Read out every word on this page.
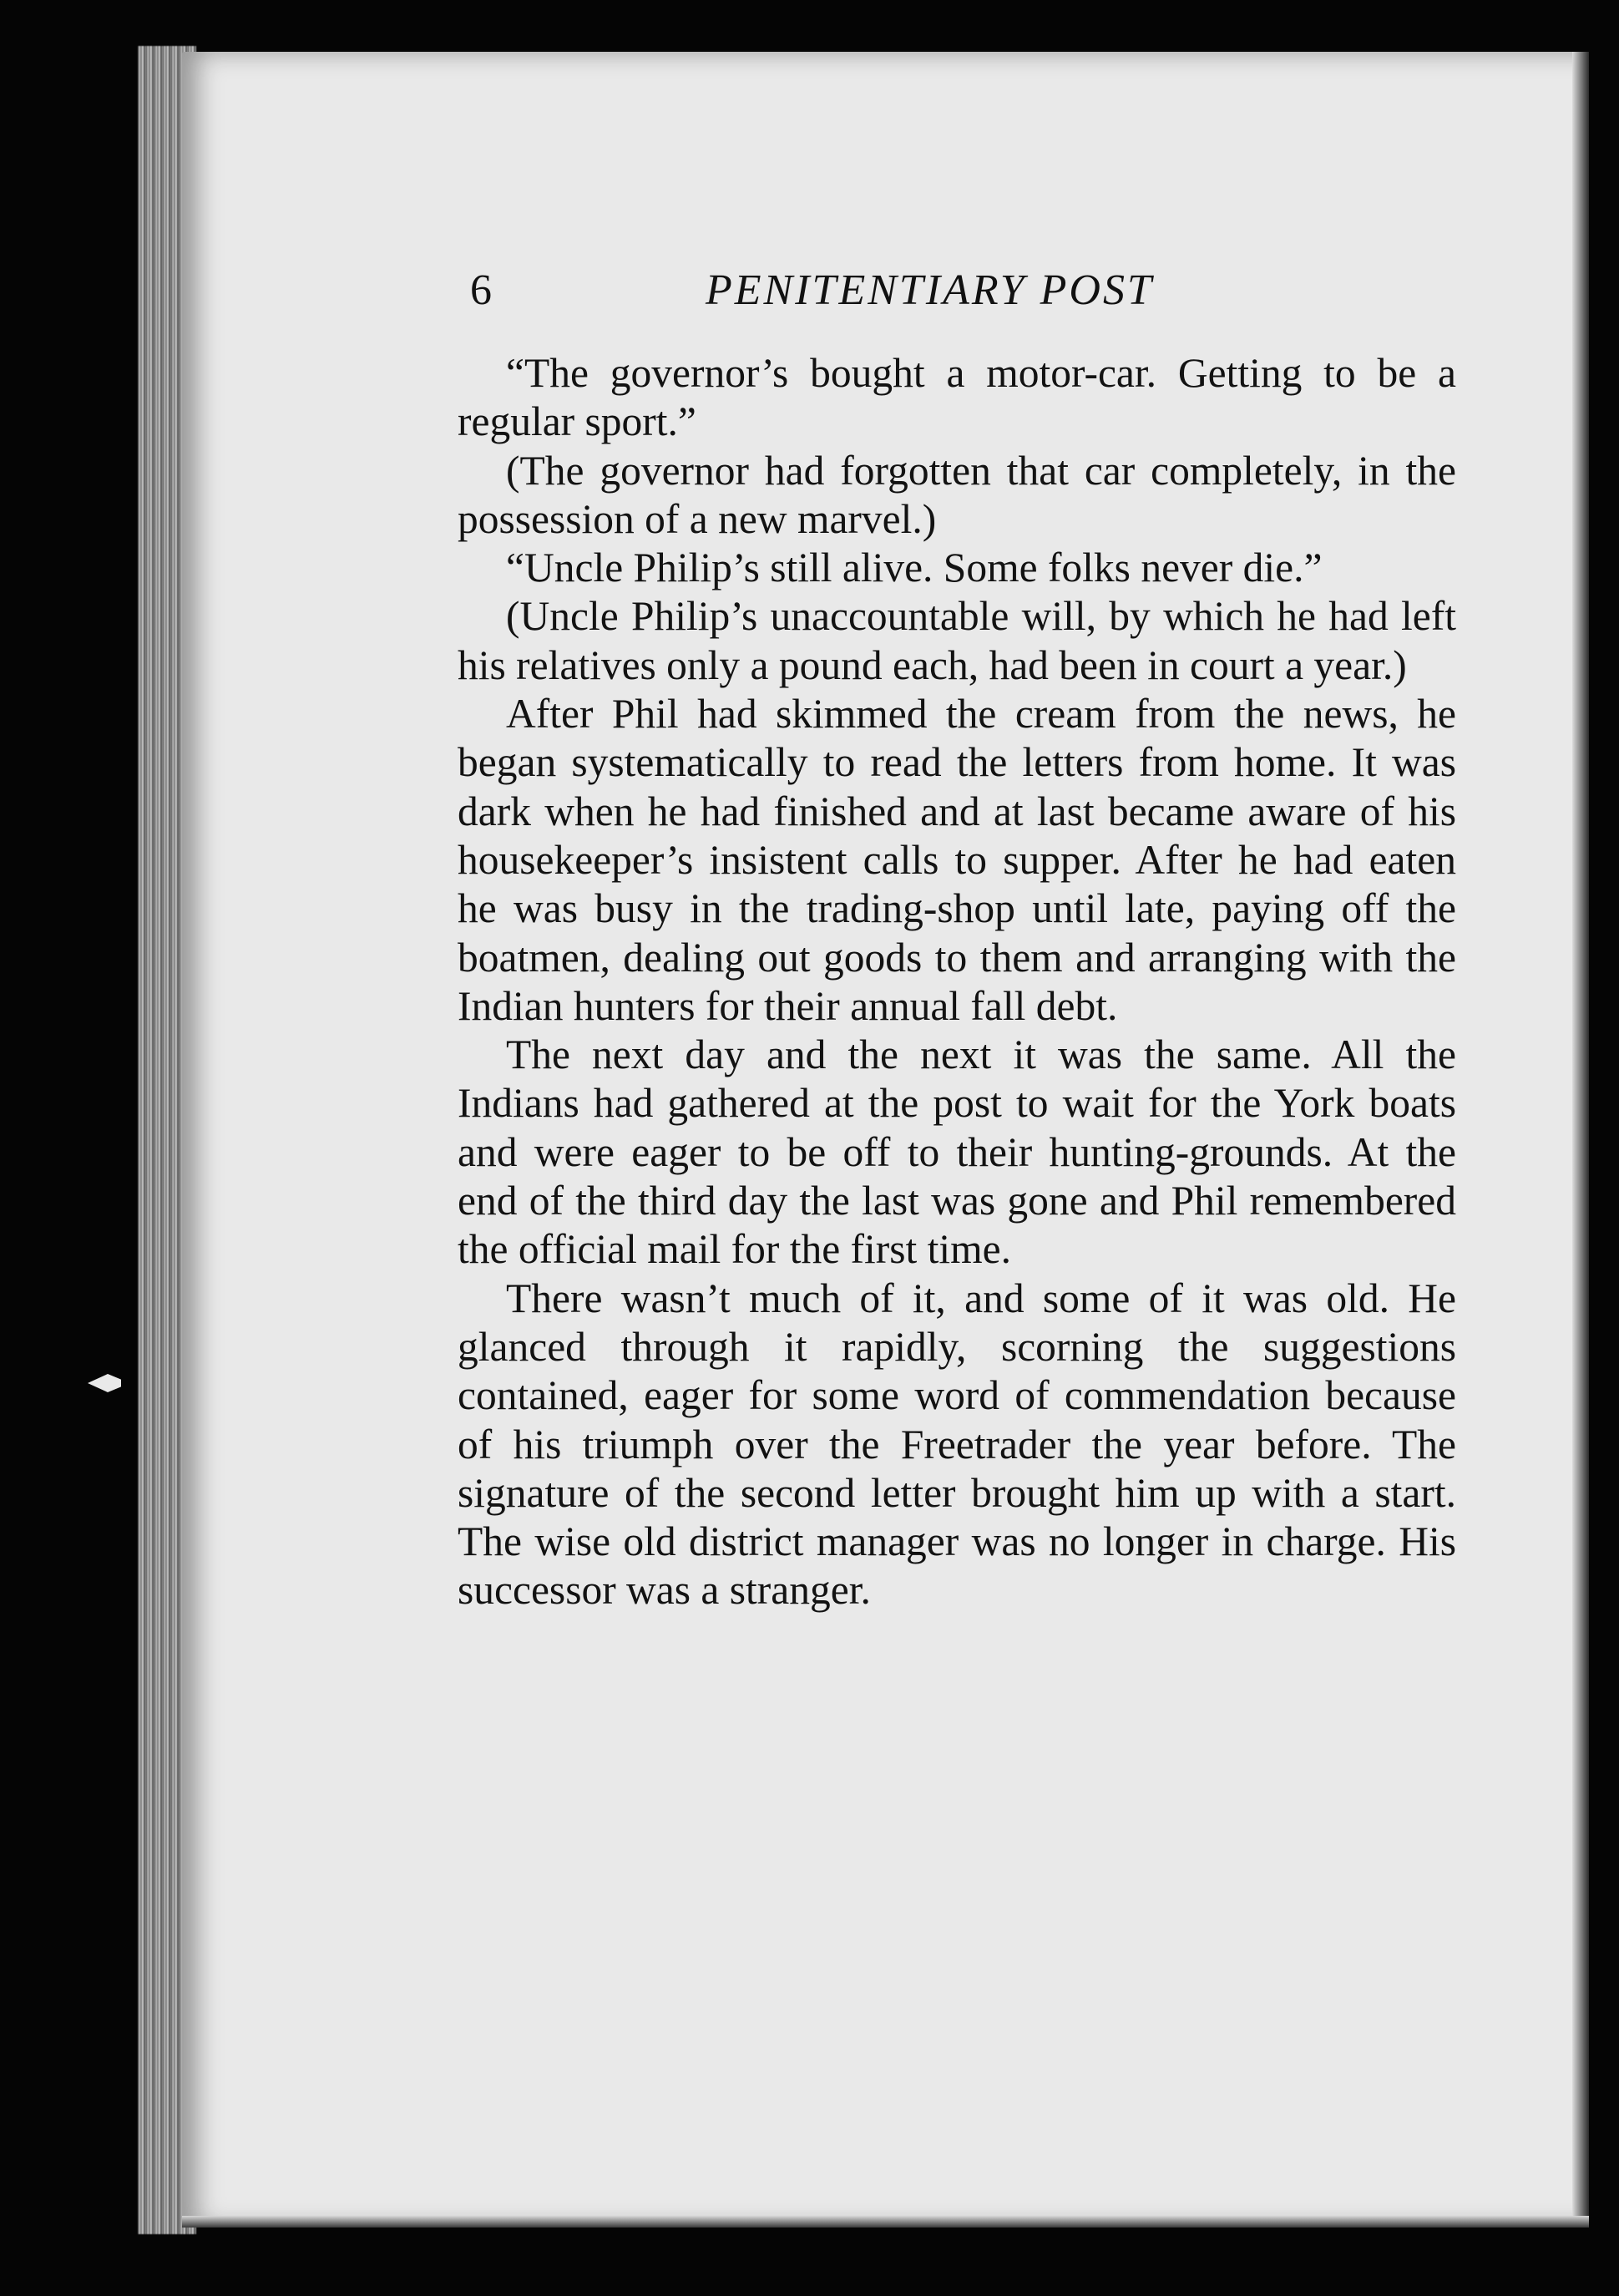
6	PENITENTIARY POST

“The governor’s bought a motor-car. Getting to be a regular sport.”

(The governor had forgotten that car completely, in the possession of a new marvel.)

“Uncle Philip’s still alive. Some folks never die.”

(Uncle Philip’s unaccountable will, by which he had left his relatives only a pound each, had been in court a year.)

After Phil had skimmed the cream from the news, he began systematically to read the letters from home. It was dark when he had finished and at last became aware of his housekeeper’s insistent calls to supper. After he had eaten he was busy in the trading-shop until late, paying off the boatmen, dealing out goods to them and arranging with the Indian hunters for their annual fall debt.

The next day and the next it was the same. All the Indians had gathered at the post to wait for the York boats and were eager to be off to their hunting-grounds. At the end of the third day the last was gone and Phil remembered the official mail for the first time.

There wasn’t much of it, and some of it was old. He glanced through it rapidly, scorning the suggestions contained, eager for some word of commendation because of his triumph over the Freetrader the year before. The signature of the second letter brought him up with a start. The wise old district manager was no longer in charge. His successor was a stranger.
